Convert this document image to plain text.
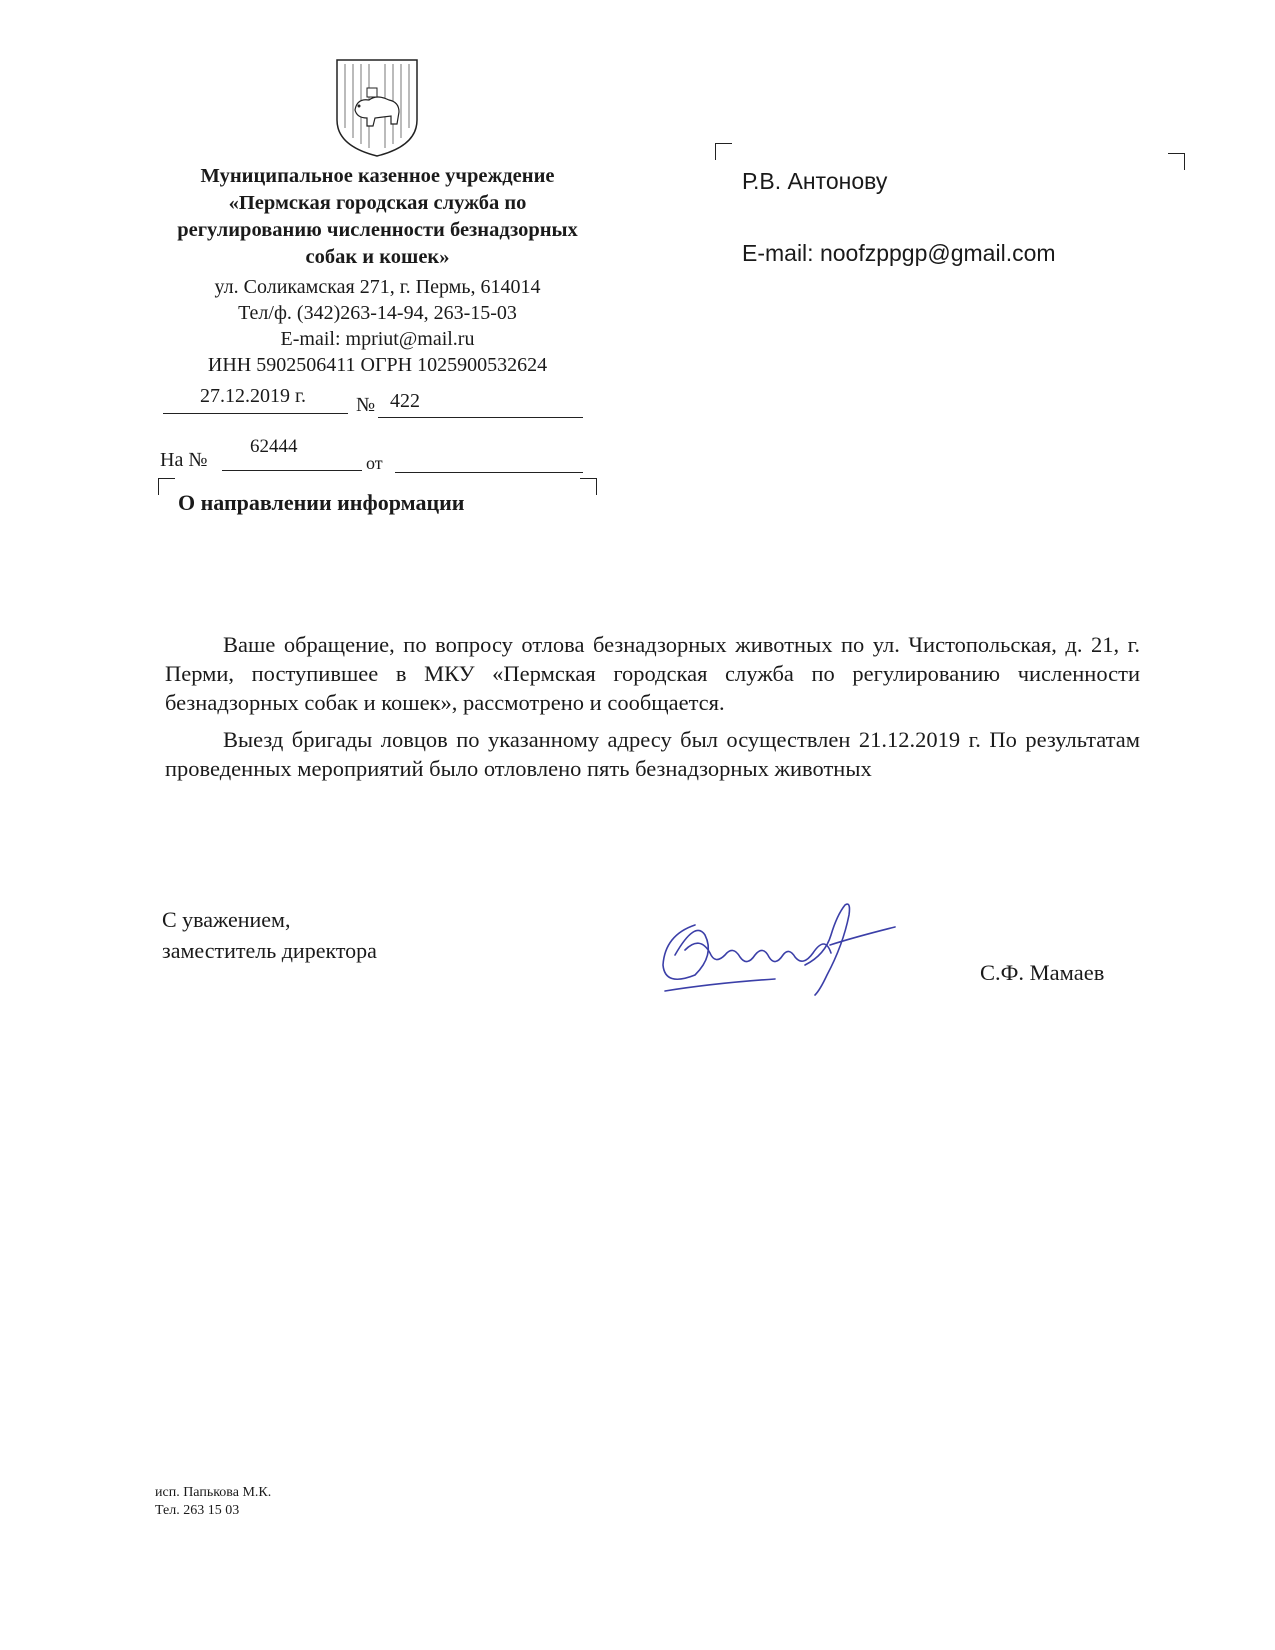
Муниципальное казенное учреждение
«Пермская городская служба по
регулированию численности безнадзорных
собак и кошек»
ул. Соликамская 271, г. Пермь, 614014
Тел/ф. (342)263-14-94, 263-15-03
E-mail: mpriut@mail.ru
ИНН 5902506411 ОГРН 1025900532624
27.12.2019 г.	№ 422
На №
62444
от
О направлении информации
Р.В. Антонову
E-mail: noofzppgp@gmail.com

Ваше обращение, по вопросу отлова безнадзорных животных по ул. Чистопольская, д. 21, г. Перми, поступившее в МКУ «Пермская городская служба по регулированию численности безнадзорных собак и кошек», рассмотрено и сообщается.

Выезд бригады ловцов по указанному адресу был осуществлен 21.12.2019 г. По результатам проведенных мероприятий было отловлено пять безнадзорных животных

С уважением,
заместитель директора
С.Ф. Мамаев
исп. Папькова М.К.
Тел. 263 15 03
